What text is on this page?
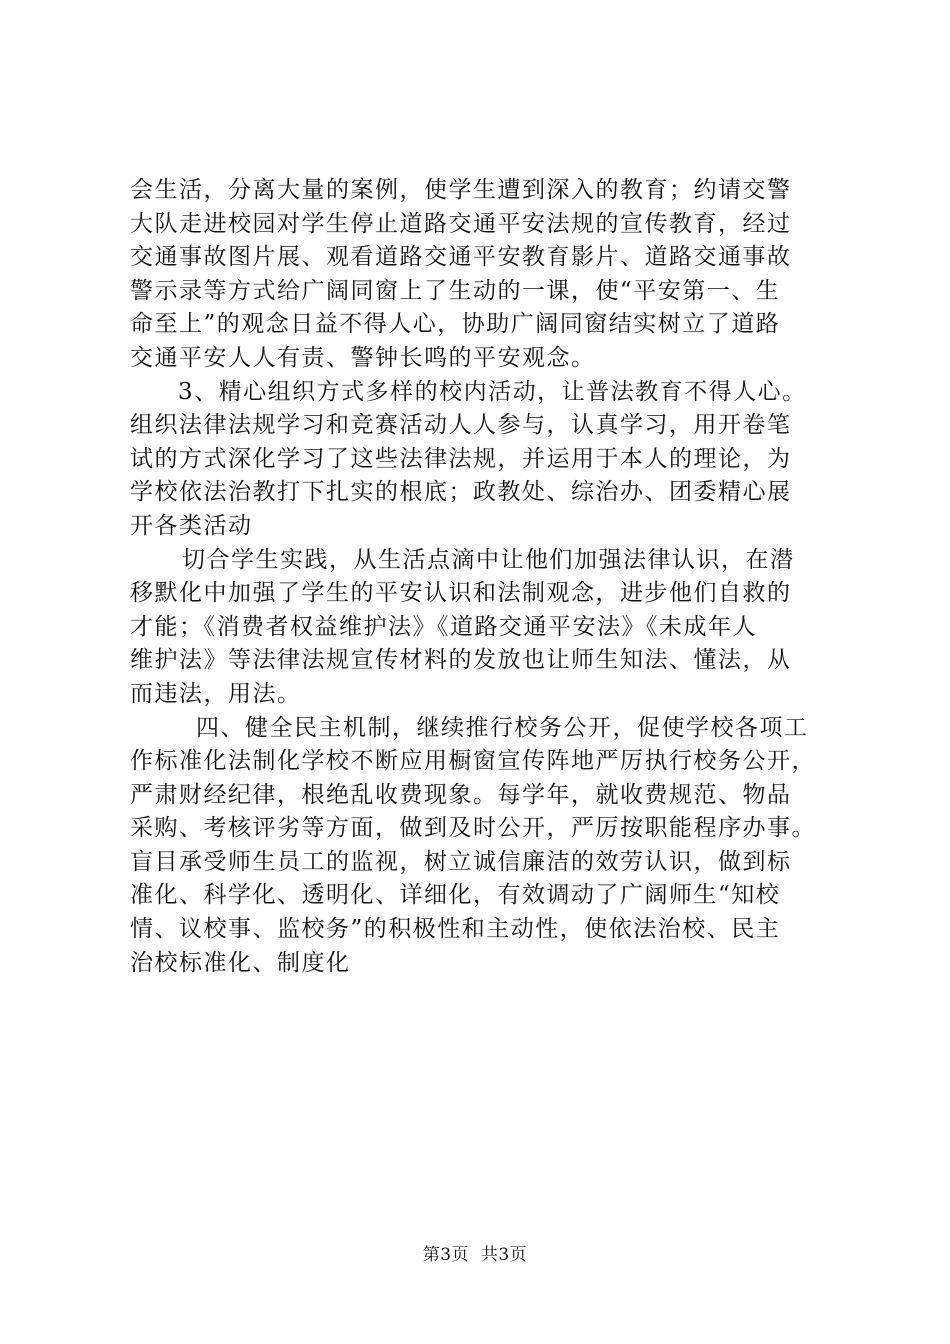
会生活，分离大量的案例，使学生遭到深入的教育；约请交警
大队走进校园对学生停止道路交通平安法规的宣传教育，经过
交通事故图片展、观看道路交通平安教育影片、道路交通事故
警示录等方式给广阔同窗上了生动的一课，使“平安第一、生
命至上”的观念日益不得人心，协助广阔同窗结实树立了道路
交通平安人人有责、警钟长鸣的平安观念。
3、精心组织方式多样的校内活动，让普法教育不得人心。
组织法律法规学习和竞赛活动人人参与，认真学习，用开卷笔
试的方式深化学习了这些法律法规，并运用于本人的理论，为
学校依法治教打下扎实的根底；政教处、综治办、团委精心展
开各类活动
切合学生实践，从生活点滴中让他们加强法律认识，在潜
移默化中加强了学生的平安认识和法制观念，进步他们自救的
才能；《消费者权益维护法》《道路交通平安法》《未成年人
维护法》等法律法规宣传材料的发放也让师生知法、懂法，从
而违法，用法。
四、健全民主机制，继续推行校务公开，促使学校各项工
作标准化法制化学校不断应用橱窗宣传阵地严厉执行校务公开，
严肃财经纪律，根绝乱收费现象。每学年，就收费规范、物品
采购、考核评劣等方面，做到及时公开，严厉按职能程序办事。
盲目承受师生员工的监视，树立诚信廉洁的效劳认识，做到标
准化、科学化、透明化、详细化，有效调动了广阔师生“知校
情、议校事、监校务”的积极性和主动性，使依法治校、民主
治校标准化、制度化
第3页  共3页
